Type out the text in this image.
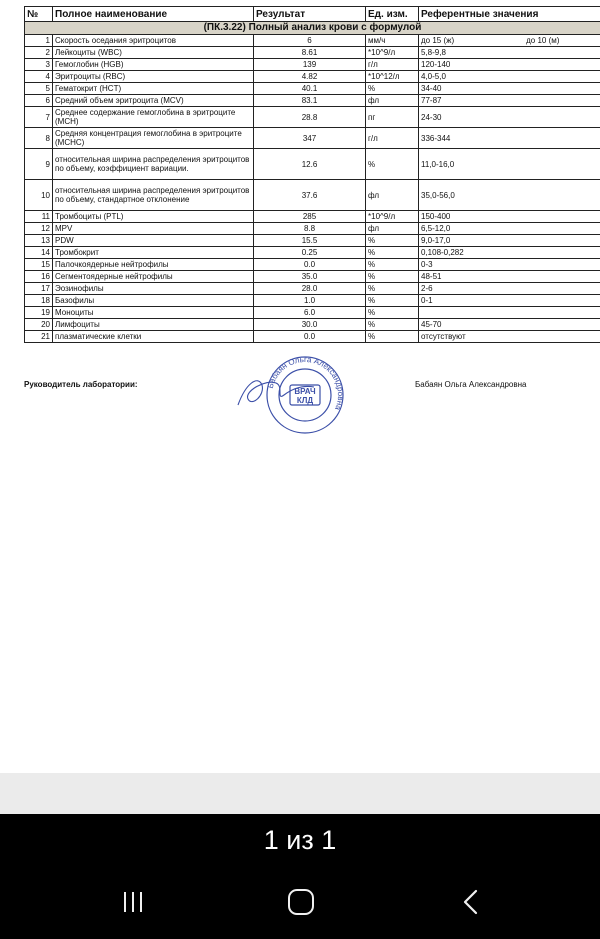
№	Полное наименование	Результат	Ед. изм.	Референтные значения
(ПК.3.22) Полный анализ крови с формулой				
1	Скорость оседания эритроцитов	6	мм/ч	до 15 (ж) до 10 (м)
2	Лейкоциты (WBC)	8.61	*10^9/л	5,8-9,8
3	Гемоглобин (HGB)	139	г/л	120-140
4	Эритроциты (RBC)	4.82	*10^12/л	4,0-5,0
5	Гематокрит (HCT)	40.1	%	34-40
6	Средний объем эритроцита (MCV)	83.1	фл	77-87
7	Среднее содержание гемоглобина в эритроците (MCH)	28.8	пг	24-30
8	Средняя концентрация гемоглобина в эритроците (MCHC)	347	г/л	336-344
9	относительная ширина распределения эритроцитов по объему, коэффициент вариации.	12.6	%	11,0-16,0
10	относительная ширина распределения эритроцитов по объему, стандартное отклонение	37.6	фл	35,0-56,0
11	Тромбоциты (PTL)	285	*10^9/л	150-400
12	MPV	8.8	фл	6,5-12,0
13	PDW	15.5	%	9,0-17,0
14	Тромбокрит	0.25	%	0,108-0,282
15	Палочкоядерные нейтрофилы	0.0	%	0-3
16	Сегментоядерные нейтрофилы	35.0	%	48-51
17	Эозинофилы	28.0	%	2-6
18	Базофилы	1.0	%	0-1
19	Моноциты	6.0	%	
20	Лимфоциты	30.0	%	45-70
21	плазматические клетки	0.0	%	отсутствуют
Руководитель лаборатории:	Бабаян Ольга Александровна
Бабаян Ольга Александровна
ВРАЧ
КЛД
1 из 1
